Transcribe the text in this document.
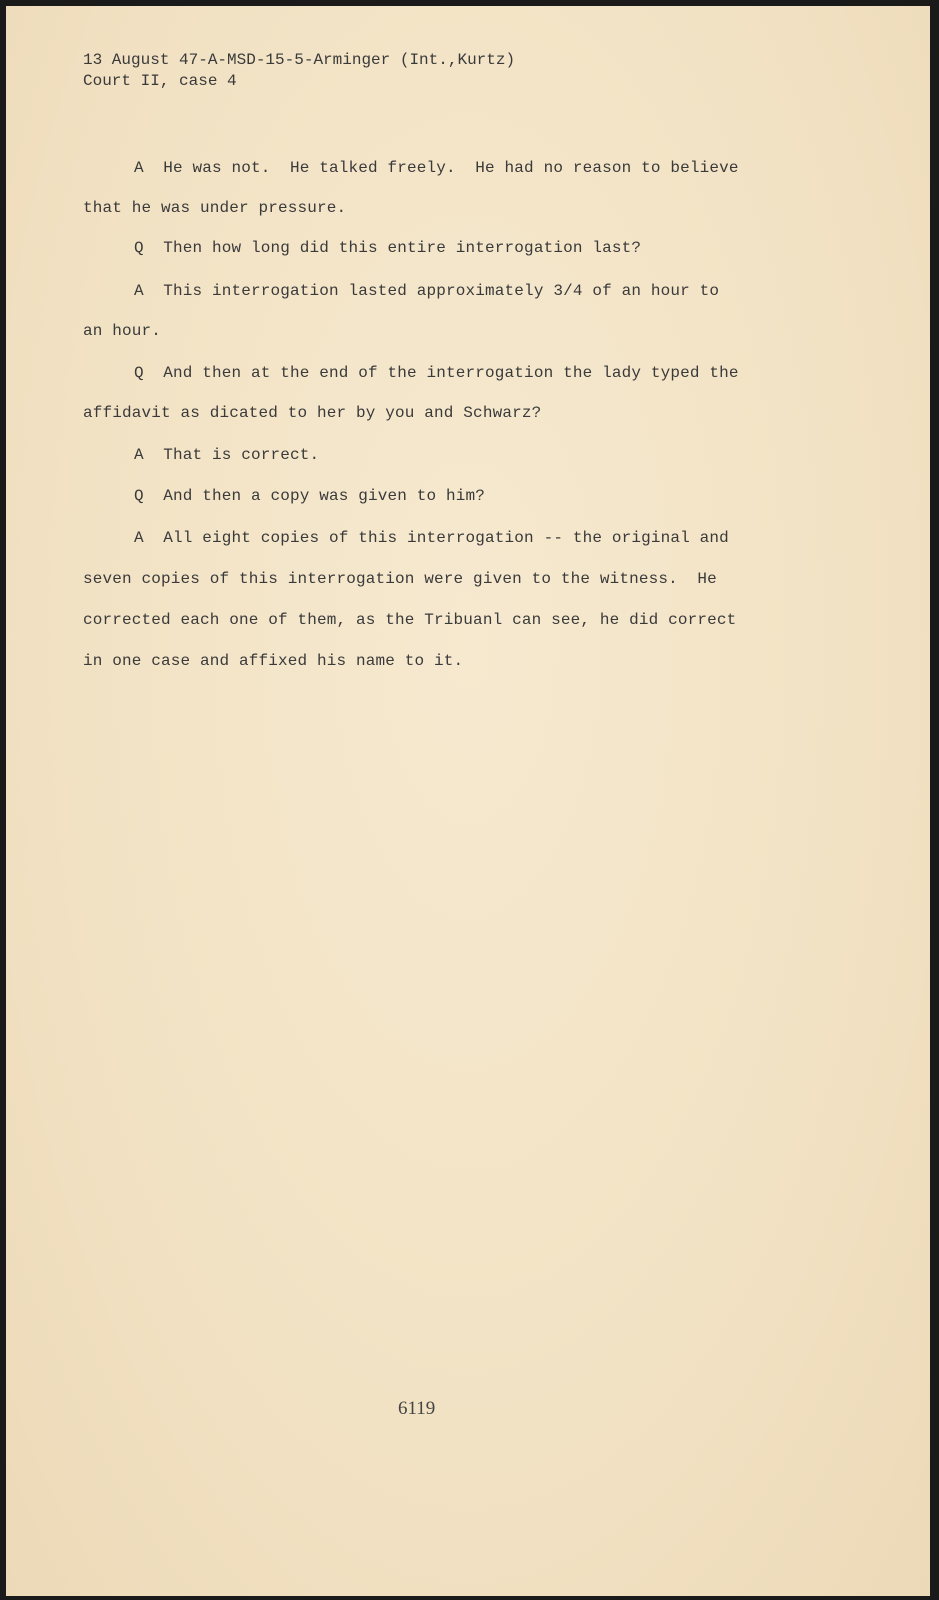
13 August 47-A-MSD-15-5-Arminger (Int.,Kurtz)
Court II, case 4
A  He was not.  He talked freely.  He had no reason to believe
that he was under pressure.
Q  Then how long did this entire interrogation last?
A  This interrogation lasted approximately 3/4 of an hour to
an hour.
Q  And then at the end of the interrogation the lady typed the
affidavit as dicated to her by you and Schwarz?
A  That is correct.
Q  And then a copy was given to him?
A  All eight copies of this interrogation -- the original and
seven copies of this interrogation were given to the witness.  He
corrected each one of them, as the Tribuanl can see, he did correct
in one case and affixed his name to it.
6119
